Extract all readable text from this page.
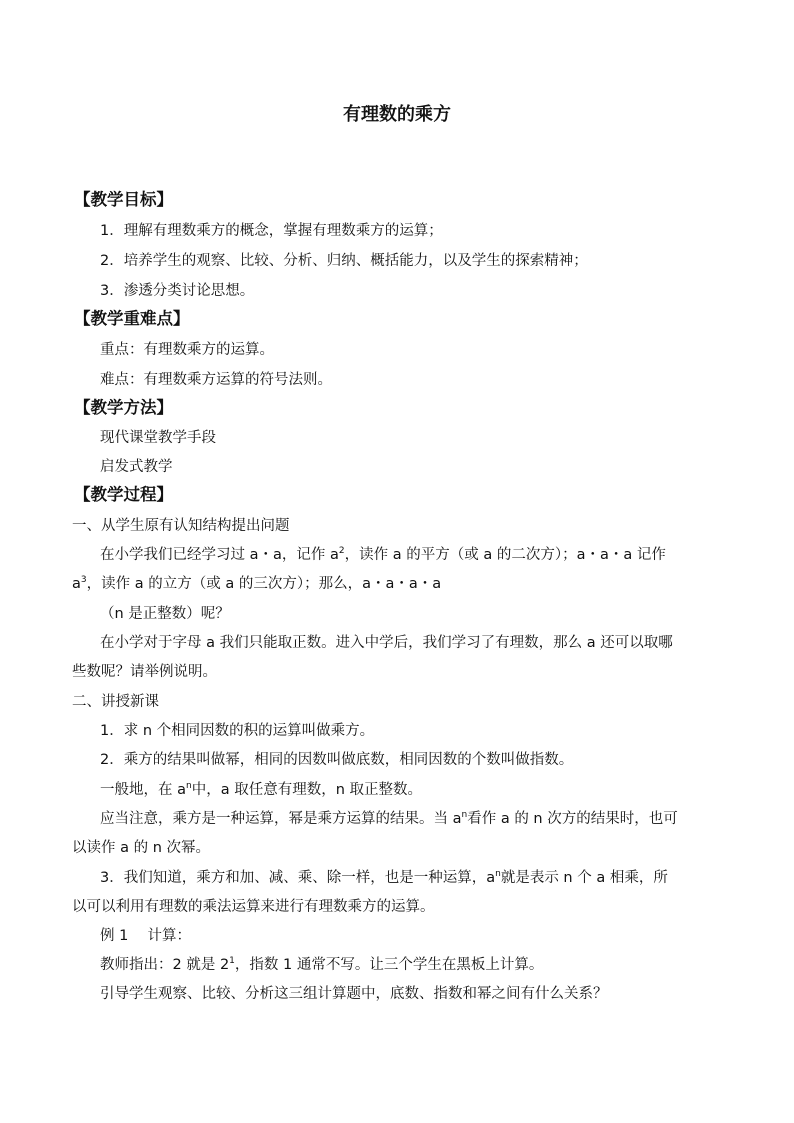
有理数的乘方
【教学目标】
1．理解有理数乘方的概念，掌握有理数乘方的运算；
2．培养学生的观察、比较、分析、归纳、概括能力，以及学生的探索精神；
3．渗透分类讨论思想。
【教学重难点】
重点：有理数乘方的运算。
难点：有理数乘方运算的符号法则。
【教学方法】
现代课堂教学手段
启发式教学
【教学过程】
一、从学生原有认知结构提出问题
在小学我们已经学习过 a・a，记作 $a^2$，读作 a 的平方（或 a 的二次方）；a・a・a 记作
$a^3$，读作 a 的立方（或 a 的三次方）；那么，a・a・a・a
（n 是正整数）呢？
在小学对于字母 a 我们只能取正数。进入中学后，我们学习了有理数，那么 a 还可以取哪
些数呢？请举例说明。
二、讲授新课
1．求 n 个相同因数的积的运算叫做乘方。
2．乘方的结果叫做幂，相同的因数叫做底数，相同因数的个数叫做指数。
一般地，在 $a^n$中，a 取任意有理数，n 取正整数。
应当注意，乘方是一种运算，幂是乘方运算的结果。当 $a^n$看作 a 的 n 次方的结果时，也可
以读作 a 的 n 次幂。
3．我们知道，乘方和加、减、乘、除一样，也是一种运算，$a^n$就是表示 n 个 a 相乘，所
以可以利用有理数的乘法运算来进行有理数乘方的运算。
例 1　 计算：
教师指出：2 就是 $2^1$，指数 1 通常不写。让三个学生在黑板上计算。
引导学生观察、比较、分析这三组计算题中，底数、指数和幂之间有什么关系？
